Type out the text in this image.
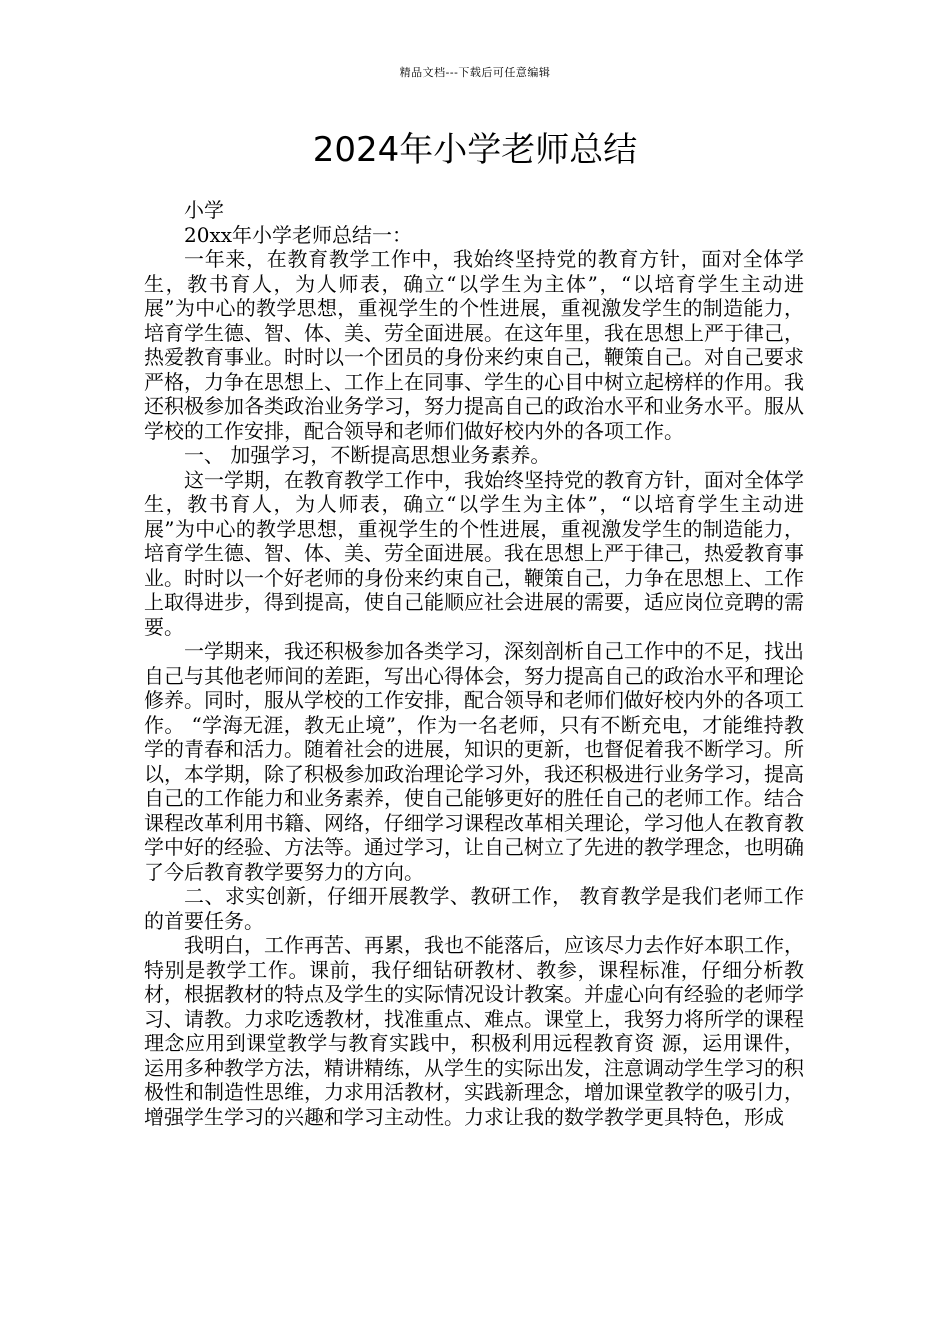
精品文档---下载后可任意编辑
2024年小学老师总结

小学

20xx年小学老师总结一：

一年来，在教育教学工作中，我始终坚持党的教育方针，面对全体学生，教书育人，为人师表，确立“以学生为主体”，“以培育学生主动进展”为中心的教学思想，重视学生的个性进展，重视激发学生的制造能力，培育学生德、智、体、美、劳全面进展。在这年里，我在思想上严于律己，热爱教育事业。时时以一个团员的身份来约束自己，鞭策自己。对自己要求严格，力争在思想上、工作上在同事、学生的心目中树立起榜样的作用。我还积极参加各类政治业务学习，努力提高自己的政治水平和业务水平。服从学校的工作安排，配合领导和老师们做好校内外的各项工作。

一、 加强学习，不断提高思想业务素养。

这一学期，在教育教学工作中，我始终坚持党的教育方针，面对全体学生，教书育人，为人师表，确立“以学生为主体”，“以培育学生主动进展”为中心的教学思想，重视学生的个性进展，重视激发学生的制造能力，培育学生德、智、体、美、劳全面进展。我在思想上严于律己，热爱教育事业。时时以一个好老师的身份来约束自己，鞭策自己，力争在思想上、工作上取得进步，得到提高，使自己能顺应社会进展的需要，适应岗位竞聘的需要。

一学期来，我还积极参加各类学习，深刻剖析自己工作中的不足，找出自己与其他老师间的差距，写出心得体会，努力提高自己的政治水平和理论修养。同时，服从学校的工作安排，配合领导和老师们做好校内外的各项工作。 “学海无涯，教无止境”，作为一名老师，只有不断充电，才能维持教学的青春和活力。随着社会的进展，知识的更新，也督促着我不断学习。所以，本学期，除了积极参加政治理论学习外，我还积极进行业务学习，提高自己的工作能力和业务素养，使自己能够更好的胜任自己的老师工作。结合课程改革利用书籍、网络，仔细学习课程改革相关理论，学习他人在教育教学中好的经验、方法等。通过学习，让自己树立了先进的教学理念，也明确了今后教育教学要努力的方向。

二、求实创新，仔细开展教学、教研工作， 教育教学是我们老师工作的首要任务。

我明白，工作再苦、再累，我也不能落后，应该尽力去作好本职工作，特别是教学工作。课前，我仔细钻研教材、教参，课程标准，仔细分析教材，根据教材的特点及学生的实际情况设计教案。并虚心向有经验的老师学习、请教。力求吃透教材，找准重点、难点。课堂上，我努力将所学的课程理念应用到课堂教学与教育实践中，积极利用远程教育资 源，运用课件，运用多种教学方法，精讲精练，从学生的实际出发，注意调动学生学习的积极性和制造性思维，力求用活教材，实践新理念，增加课堂教学的吸引力，增强学生学习的兴趣和学习主动性。力求让我的数学教学更具特色，形成
